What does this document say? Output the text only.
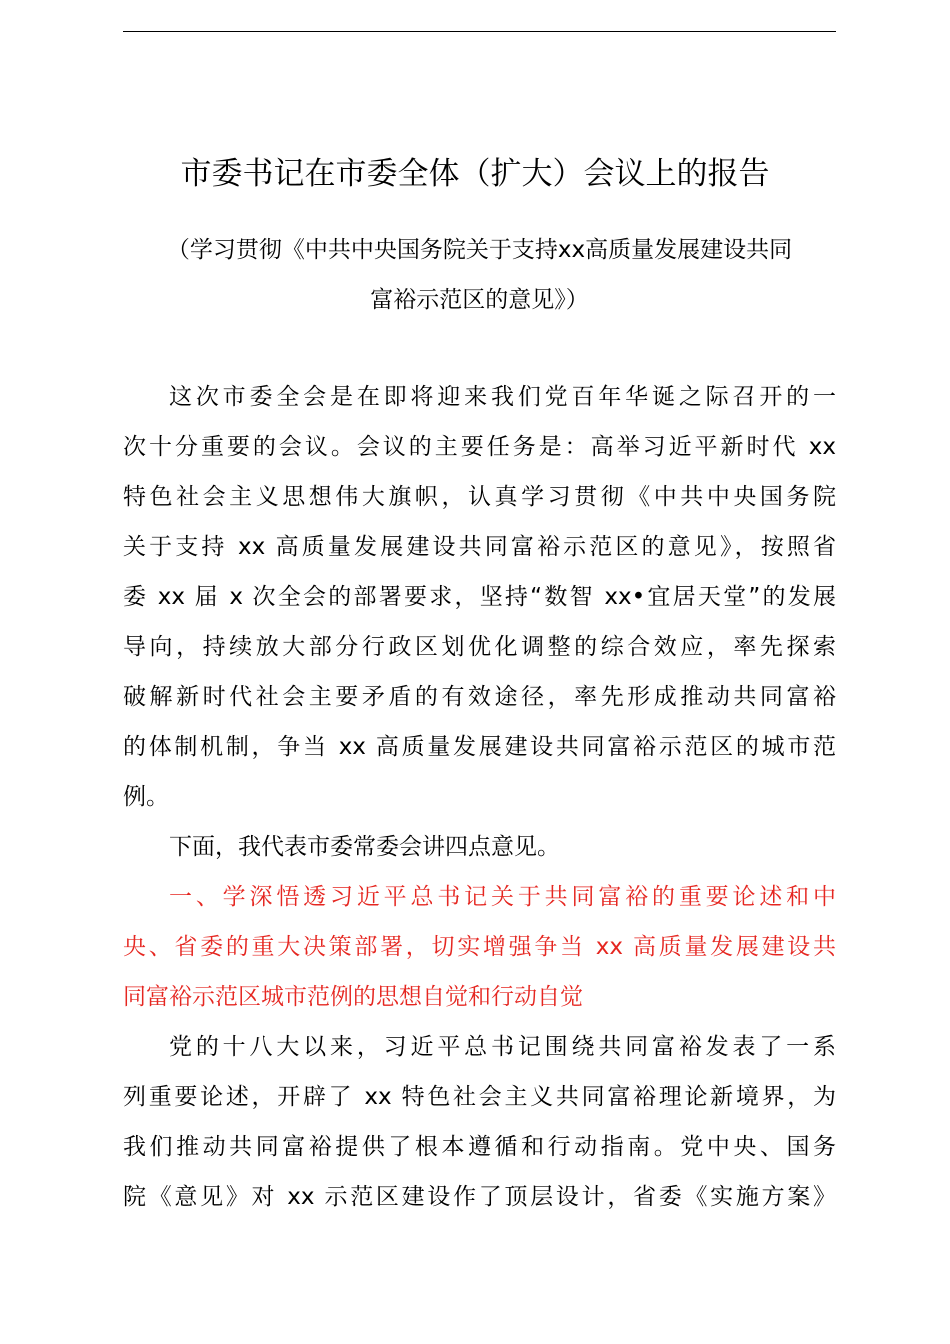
市委书记在市委全体（扩大）会议上的报告
（学习贯彻《中共中央国务院关于支持xx高质量发展建设共同
富裕示范区的意见》）
这次市委全会是在即将迎来我们党百年华诞之际召开的一
次十分重要的会议。会议的主要任务是：高举习近平新时代 xx
特色社会主义思想伟大旗帜，认真学习贯彻《中共中央国务院
关于支持 xx 高质量发展建设共同富裕示范区的意见》，按照省
委 xx 届 x 次全会的部署要求，坚持“数智 xx•宜居天堂”的发展
导向，持续放大部分行政区划优化调整的综合效应，率先探索
破解新时代社会主要矛盾的有效途径，率先形成推动共同富裕
的体制机制，争当 xx 高质量发展建设共同富裕示范区的城市范
例。
下面，我代表市委常委会讲四点意见。
一、学深悟透习近平总书记关于共同富裕的重要论述和中
央、省委的重大决策部署，切实增强争当 xx 高质量发展建设共
同富裕示范区城市范例的思想自觉和行动自觉
党的十八大以来，习近平总书记围绕共同富裕发表了一系
列重要论述，开辟了 xx 特色社会主义共同富裕理论新境界，为
我们推动共同富裕提供了根本遵循和行动指南。党中央、国务
院《意见》对 xx 示范区建设作了顶层设计，省委《实施方案》
